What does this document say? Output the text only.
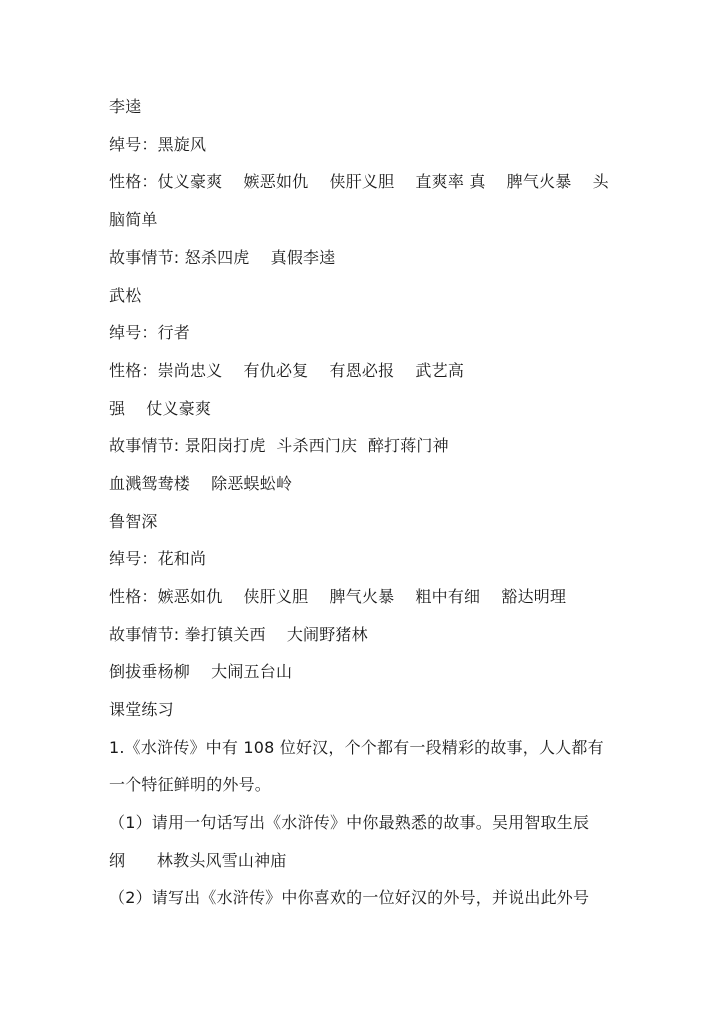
李逵
绰号：黑旋风
性格：仗义豪爽    嫉恶如仇    侠肝义胆    直爽率 真    脾气火暴    头
脑简单
故事情节: 怒杀四虎    真假李逵
武松
绰号：行者
性格：崇尚忠义    有仇必复    有恩必报    武艺高
强    仗义豪爽
故事情节: 景阳岗打虎  斗杀西门庆  醉打蒋门神
血溅鸳鸯楼    除恶蜈蚣岭
鲁智深
绰号：花和尚
性格：嫉恶如仇    侠肝义胆    脾气火暴    粗中有细    豁达明理
故事情节: 拳打镇关西    大闹野猪林
倒拔垂杨柳    大闹五台山
课堂练习
1.《水浒传》中有 108 位好汉，个个都有一段精彩的故事，人人都有
一个特征鲜明的外号。
（1）请用一句话写出《水浒传》中你最熟悉的故事。吴用智取生辰
纲      林教头风雪山神庙
（2）请写出《水浒传》中你喜欢的一位好汉的外号，并说出此外号
